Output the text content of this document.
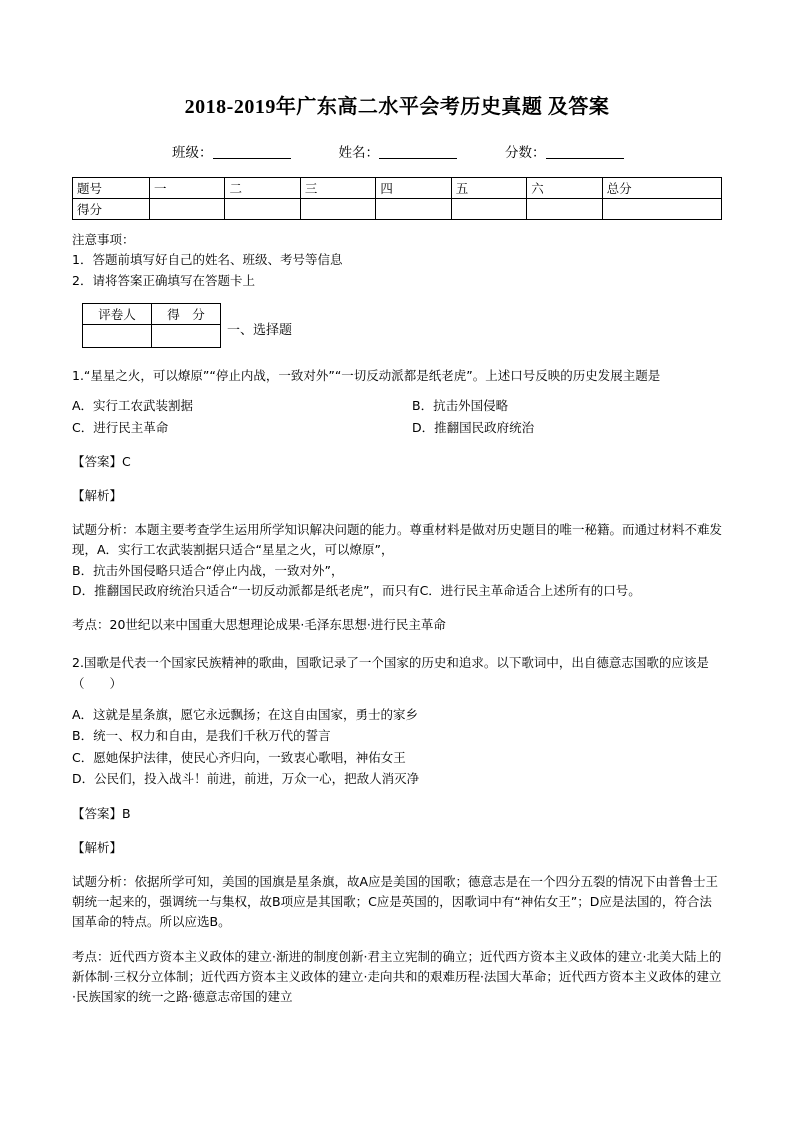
2018-2019年广东高二水平会考历史真题 及答案
班级：	姓名：	分数：
题号	一	二	三	四	五	六	总分
得分							
注意事项：
1．答题前填写好自己的姓名、班级、考号等信息
2．请将答案正确填写在答题卡上
评卷人	得　分

一、选择题
1.“星星之火，可以燎原”“停止内战，一致对外”“一切反动派都是纸老虎”。上述口号反映的历史发展主题是
A．实行工农武装割据	B．抗击外国侵略
C．进行民主革命	D．推翻国民政府统治
【答案】C
【解析】

试题分析：本题主要考查学生运用所学知识解决问题的能力。尊重材料是做对历史题目的唯一秘籍。而通过材料不难发现，A．实行工农武装割据只适合“星星之火，可以燎原”，

B．抗击外国侵略只适合“停止内战，一致对外”，

D．推翻国民政府统治只适合“一切反动派都是纸老虎”，而只有C．进行民主革命适合上述所有的口号。

考点：20世纪以来中国重大思想理论成果·毛泽东思想·进行民主革命
2.国歌是代表一个国家民族精神的歌曲，国歌记录了一个国家的历史和追求。以下歌词中，出自德意志国歌的应该是（　　）
A．这就是星条旗，愿它永远飘扬；在这自由国家，勇士的家乡
B．统一、权力和自由，是我们千秋万代的誓言
C．愿她保护法律，使民心齐归向，一致衷心歌唱，神佑女王
D．公民们，投入战斗！前进，前进，万众一心，把敌人消灭净
【答案】B
【解析】

试题分析：依据所学可知，美国的国旗是星条旗，故A应是美国的国歌；德意志是在一个四分五裂的情况下由普鲁士王朝统一起来的，强调统一与集权，故B项应是其国歌；C应是英国的，因歌词中有“神佑女王”；D应是法国的，符合法国革命的特点。所以应选B。

考点：近代西方资本主义政体的建立·渐进的制度创新·君主立宪制的确立；近代西方资本主义政体的建立·北美大陆上的新体制·三权分立体制；近代西方资本主义政体的建立·走向共和的艰难历程·法国大革命；近代西方资本主义政体的建立·民族国家的统一之路·德意志帝国的建立
